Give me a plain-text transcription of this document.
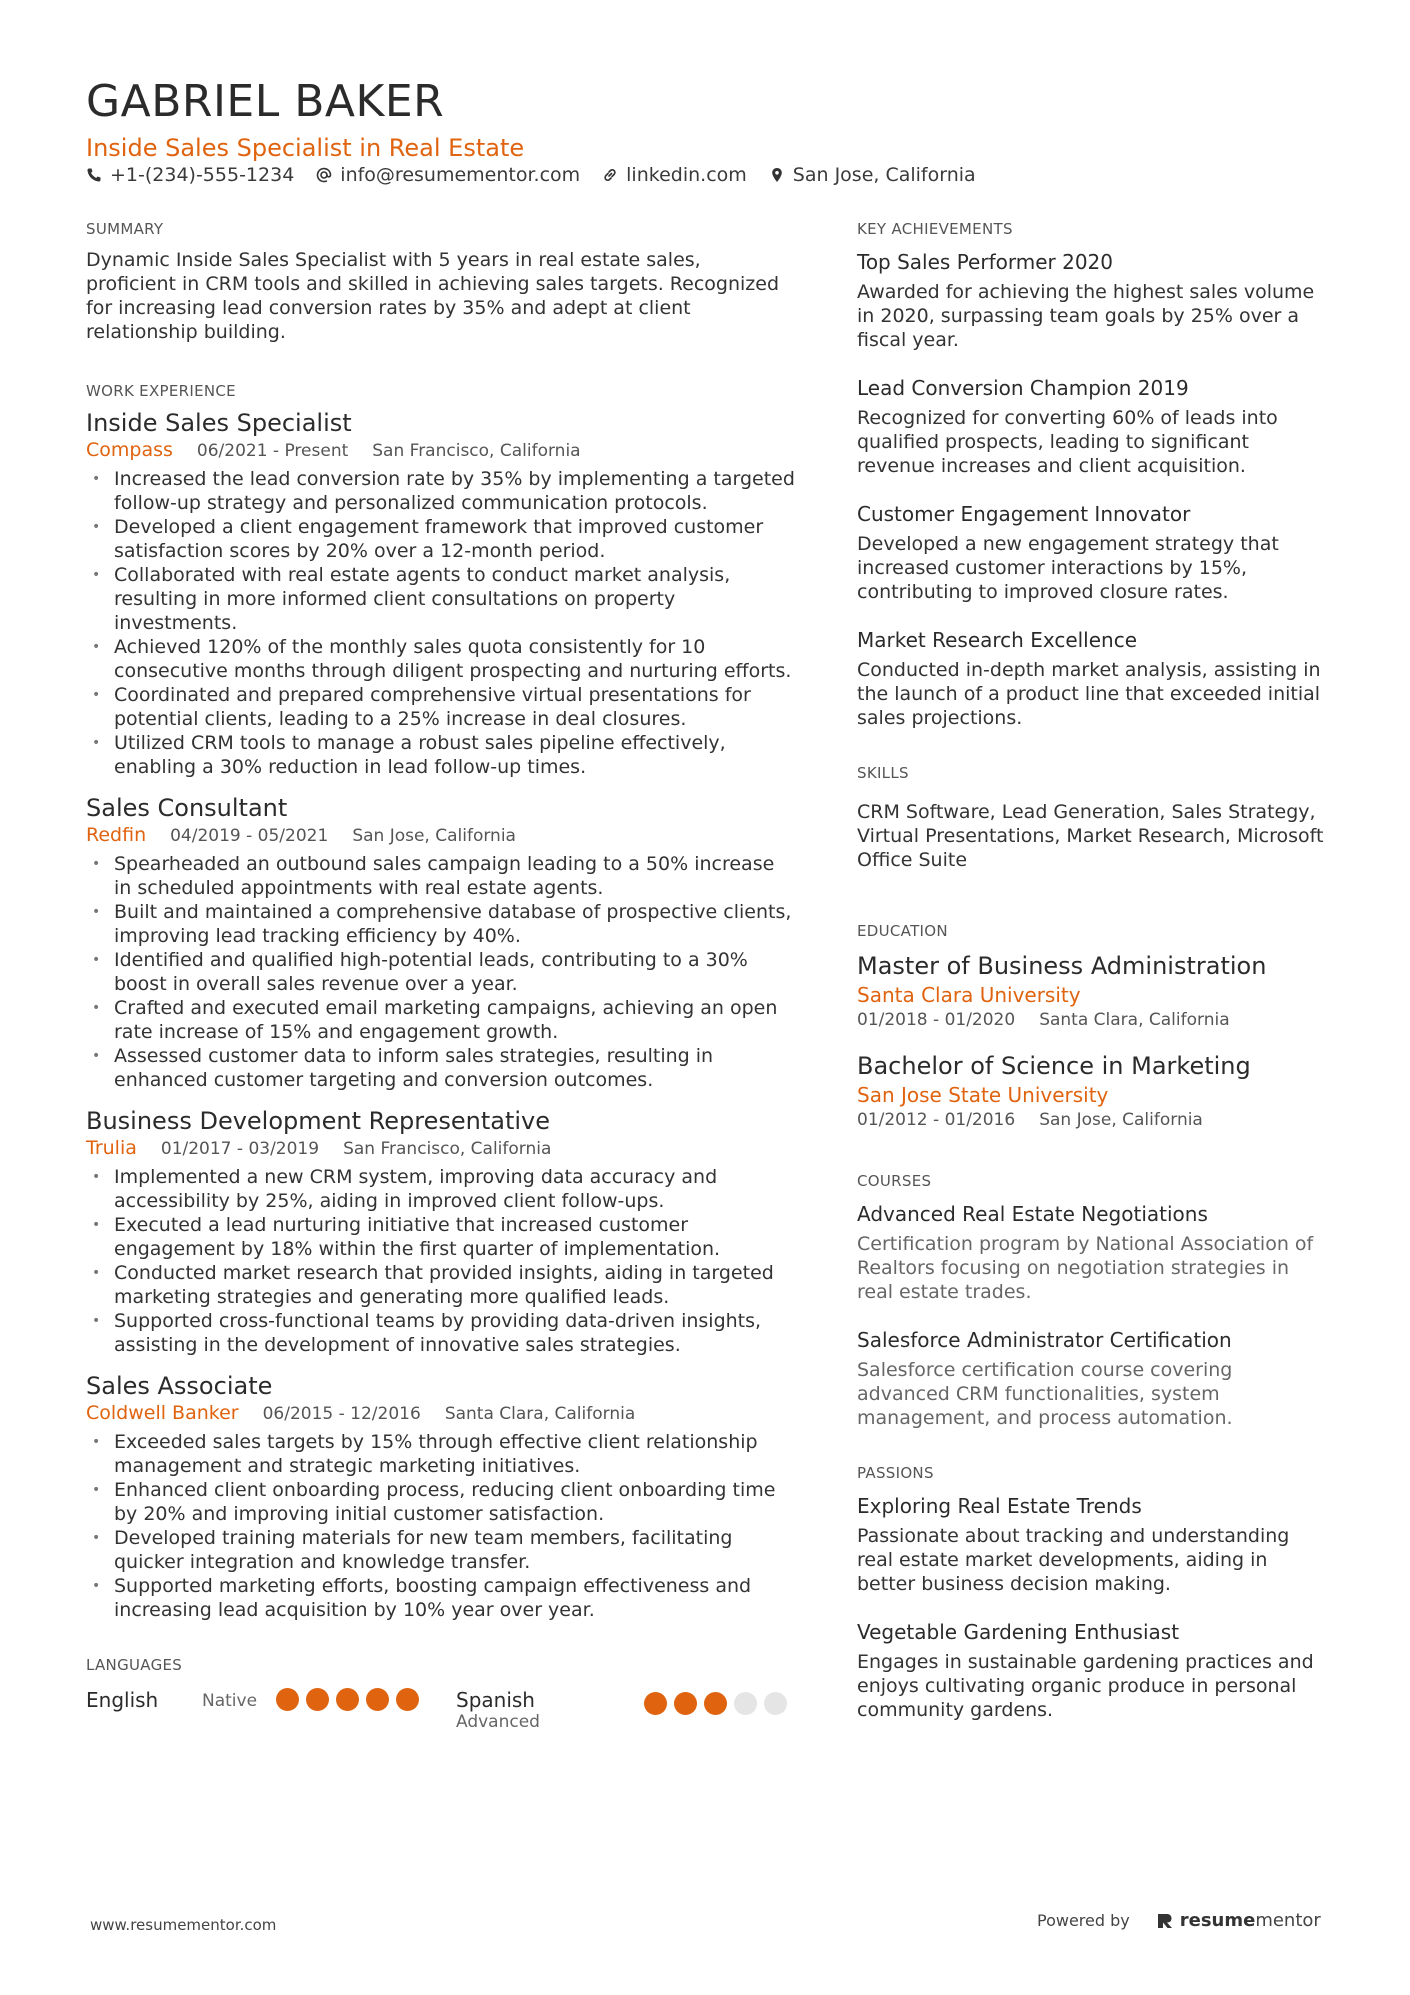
GABRIEL BAKER
Inside Sales Specialist in Real Estate
+1-(234)-555-1234 info@resumementor.com linkedin.com San Jose, California
SUMMARY
Dynamic Inside Sales Specialist with 5 years in real estate sales, proficient in CRM tools and skilled in achieving sales targets. Recognized for increasing lead conversion rates by 35% and adept at client relationship building.
WORK EXPERIENCE
Inside Sales Specialist
Compass 06/2021 - Present San Francisco, California
• Increased the lead conversion rate by 35% by implementing a targeted follow-up strategy and personalized communication protocols.
• Developed a client engagement framework that improved customer satisfaction scores by 20% over a 12-month period.
• Collaborated with real estate agents to conduct market analysis, resulting in more informed client consultations on property investments.
• Achieved 120% of the monthly sales quota consistently for 10 consecutive months through diligent prospecting and nurturing efforts.
• Coordinated and prepared comprehensive virtual presentations for potential clients, leading to a 25% increase in deal closures.
• Utilized CRM tools to manage a robust sales pipeline effectively, enabling a 30% reduction in lead follow-up times.
Sales Consultant
Redfin 04/2019 - 05/2021 San Jose, California
• Spearheaded an outbound sales campaign leading to a 50% increase in scheduled appointments with real estate agents.
• Built and maintained a comprehensive database of prospective clients, improving lead tracking efficiency by 40%.
• Identified and qualified high-potential leads, contributing to a 30% boost in overall sales revenue over a year.
• Crafted and executed email marketing campaigns, achieving an open rate increase of 15% and engagement growth.
• Assessed customer data to inform sales strategies, resulting in enhanced customer targeting and conversion outcomes.
Business Development Representative
Trulia 01/2017 - 03/2019 San Francisco, California
• Implemented a new CRM system, improving data accuracy and accessibility by 25%, aiding in improved client follow-ups.
• Executed a lead nurturing initiative that increased customer engagement by 18% within the first quarter of implementation.
• Conducted market research that provided insights, aiding in targeted marketing strategies and generating more qualified leads.
• Supported cross-functional teams by providing data-driven insights, assisting in the development of innovative sales strategies.
Sales Associate
Coldwell Banker 06/2015 - 12/2016 Santa Clara, California
• Exceeded sales targets by 15% through effective client relationship management and strategic marketing initiatives.
• Enhanced client onboarding process, reducing client onboarding time by 20% and improving initial customer satisfaction.
• Developed training materials for new team members, facilitating quicker integration and knowledge transfer.
• Supported marketing efforts, boosting campaign effectiveness and increasing lead acquisition by 10% year over year.
LANGUAGES
English	Native	Spanish
Advanced
KEY ACHIEVEMENTS
Top Sales Performer 2020
Awarded for achieving the highest sales volume in 2020, surpassing team goals by 25% over a fiscal year.
Lead Conversion Champion 2019
Recognized for converting 60% of leads into qualified prospects, leading to significant revenue increases and client acquisition.
Customer Engagement Innovator
Developed a new engagement strategy that increased customer interactions by 15%, contributing to improved closure rates.
Market Research Excellence
Conducted in-depth market analysis, assisting in the launch of a product line that exceeded initial sales projections.
SKILLS
CRM Software, Lead Generation, Sales Strategy, Virtual Presentations, Market Research, Microsoft Office Suite
EDUCATION
Master of Business Administration
Santa Clara University
01/2018 - 01/2020 Santa Clara, California
Bachelor of Science in Marketing
San Jose State University
01/2012 - 01/2016 San Jose, California
COURSES
Advanced Real Estate Negotiations
Certification program by National Association of Realtors focusing on negotiation strategies in real estate trades.
Salesforce Administrator Certification
Salesforce certification course covering advanced CRM functionalities, system management, and process automation.
PASSIONS
Exploring Real Estate Trends
Passionate about tracking and understanding real estate market developments, aiding in better business decision making.
Vegetable Gardening Enthusiast
Engages in sustainable gardening practices and enjoys cultivating organic produce in personal community gardens.
www.resumementor.com	Powered by	resumementor
